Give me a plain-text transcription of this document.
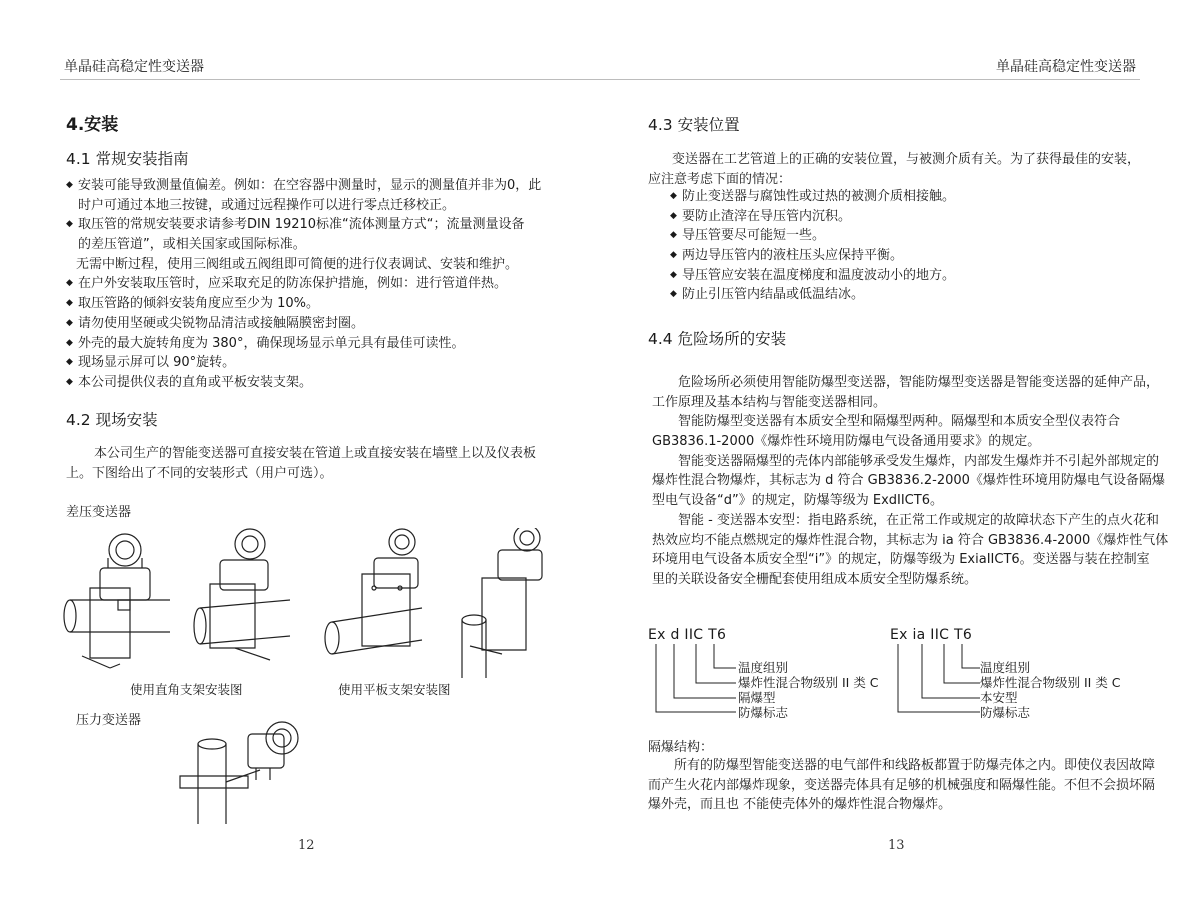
单晶硅高稳定性变送器
4.安装
4.1 常规安装指南
◆ 安装可能导致测量值偏差。例如：在空容器中测量时，显示的测量值并非为0，此
时户可通过本地三按键，或通过远程操作可以进行零点迁移校正。
◆ 取压管的常规安装要求请参考DIN 19210标准“流体测量方式“；流量测量设备
的差压管道”，或相关国家或国际标准。
无需中断过程，使用三阀组或五阀组即可简便的进行仪表调试、安装和维护。
◆ 在户外安装取压管时，应采取充足的防冻保护措施，例如：进行管道伴热。
◆ 取压管路的倾斜安装角度应至少为 10%。
◆ 请勿使用坚硬或尖锐物品清洁或接触隔膜密封圈。
◆ 外壳的最大旋转角度为 380°，确保现场显示单元具有最佳可读性。
◆ 现场显示屏可以 90°旋转。
◆ 本公司提供仪表的直角或平板安装支架。
4.2 现场安装
本公司生产的智能变送器可直接安装在管道上或直接安装在墙壁上以及仪表板
上。下图给出了不同的安装形式（用户可选）。
差压变送器
使用直角支架安装图	使用平板支架安装图
压力变送器
12
单晶硅高稳定性变送器
4.3 安装位置
变送器在工艺管道上的正确的安装位置，与被测介质有关。为了获得最佳的安装，
应注意考虑下面的情况：
◆ 防止变送器与腐蚀性或过热的被测介质相接触。
◆ 要防止渣滓在导压管内沉积。
◆ 导压管要尽可能短一些。
◆ 两边导压管内的液柱压头应保持平衡。
◆ 导压管应安装在温度梯度和温度波动小的地方。
◆ 防止引压管内结晶或低温结冰。
4.4 危险场所的安装
危险场所必须使用智能防爆型变送器，智能防爆型变送器是智能变送器的延伸产品，
工作原理及基本结构与智能变送器相同。
智能防爆型变送器有本质安全型和隔爆型两种。隔爆型和本质安全型仪表符合
GB3836.1-2000《爆炸性环境用防爆电气设备通用要求》的规定。
智能变送器隔爆型的壳体内部能够承受发生爆炸，内部发生爆炸并不引起外部规定的
爆炸性混合物爆炸，其标志为 d 符合 GB3836.2-2000《爆炸性环境用防爆电气设备隔爆
型电气设备“d”》的规定，防爆等级为 ExdIICT6。
智能 - 变送器本安型：指电路系统，在正常工作或规定的故障状态下产生的点火花和
热效应均不能点燃规定的爆炸性混合物，其标志为 ia 符合 GB3836.4-2000《爆炸性气体
环境用电气设备本质安全型“i”》的规定，防爆等级为 ExiaIICT6。变送器与装在控制室
里的关联设备安全栅配套使用组成本质安全型防爆系统。
Ex d IIC T6
温度组别
爆炸性混合物级别 II 类 C
隔爆型
防爆标志
Ex ia IIC T6
温度组别
爆炸性混合物级别 II 类 C
本安型
防爆标志
隔爆结构：
所有的防爆型智能变送器的电气部件和线路板都置于防爆壳体之内。即使仪表因故障
而产生火花内部爆炸现象，变送器壳体具有足够的机械强度和隔爆性能。不但不会损坏隔
爆外壳，而且也 不能使壳体外的爆炸性混合物爆炸。
13
